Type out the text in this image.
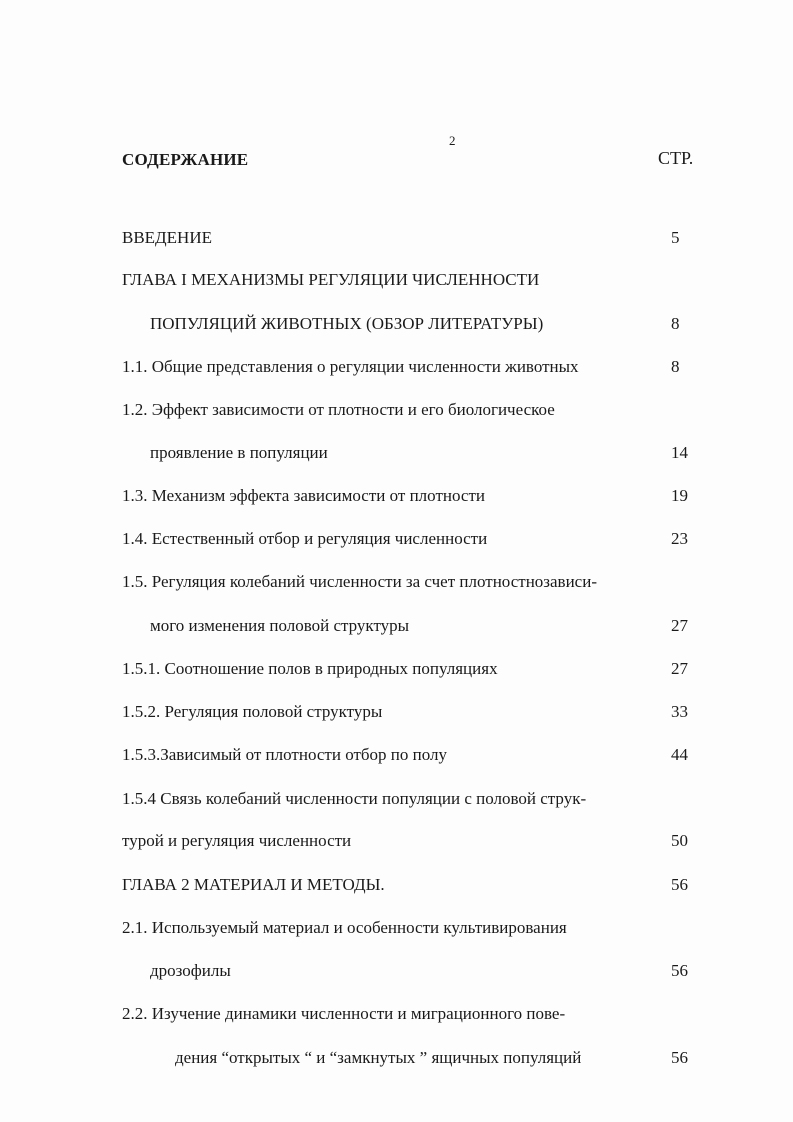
2
СОДЕРЖАНИЕ	СТР.
ВВЕДЕНИЕ	5
ГЛАВА I МЕХАНИЗМЫ РЕГУЛЯЦИИ ЧИСЛЕННОСТИ
ПОПУЛЯЦИЙ ЖИВОТНЫХ (ОБЗОР ЛИТЕРАТУРЫ)	8
1.1. Общие представления о регуляции численности животных	8
1.2. Эффект зависимости от плотности и его биологическое
проявление в популяции	14
1.3. Механизм эффекта зависимости от плотности	19
1.4. Естественный отбор и регуляция численности	23
1.5. Регуляция колебаний численности за счет плотностнозависи-
мого изменения половой структуры	27
1.5.1. Соотношение полов в природных популяциях	27
1.5.2. Регуляция половой структуры	33
1.5.3.Зависимый от плотности отбор по полу	44
1.5.4 Связь колебаний численности популяции с половой струк-
турой и регуляция численности	50
ГЛАВА 2 МАТЕРИАЛ И МЕТОДЫ.	56
2.1. Используемый материал и особенности культивирования
дрозофилы	56
2.2. Изучение динамики численности и миграционного пове-
дения “открытых “ и “замкнутых ” ящичных популяций	56
